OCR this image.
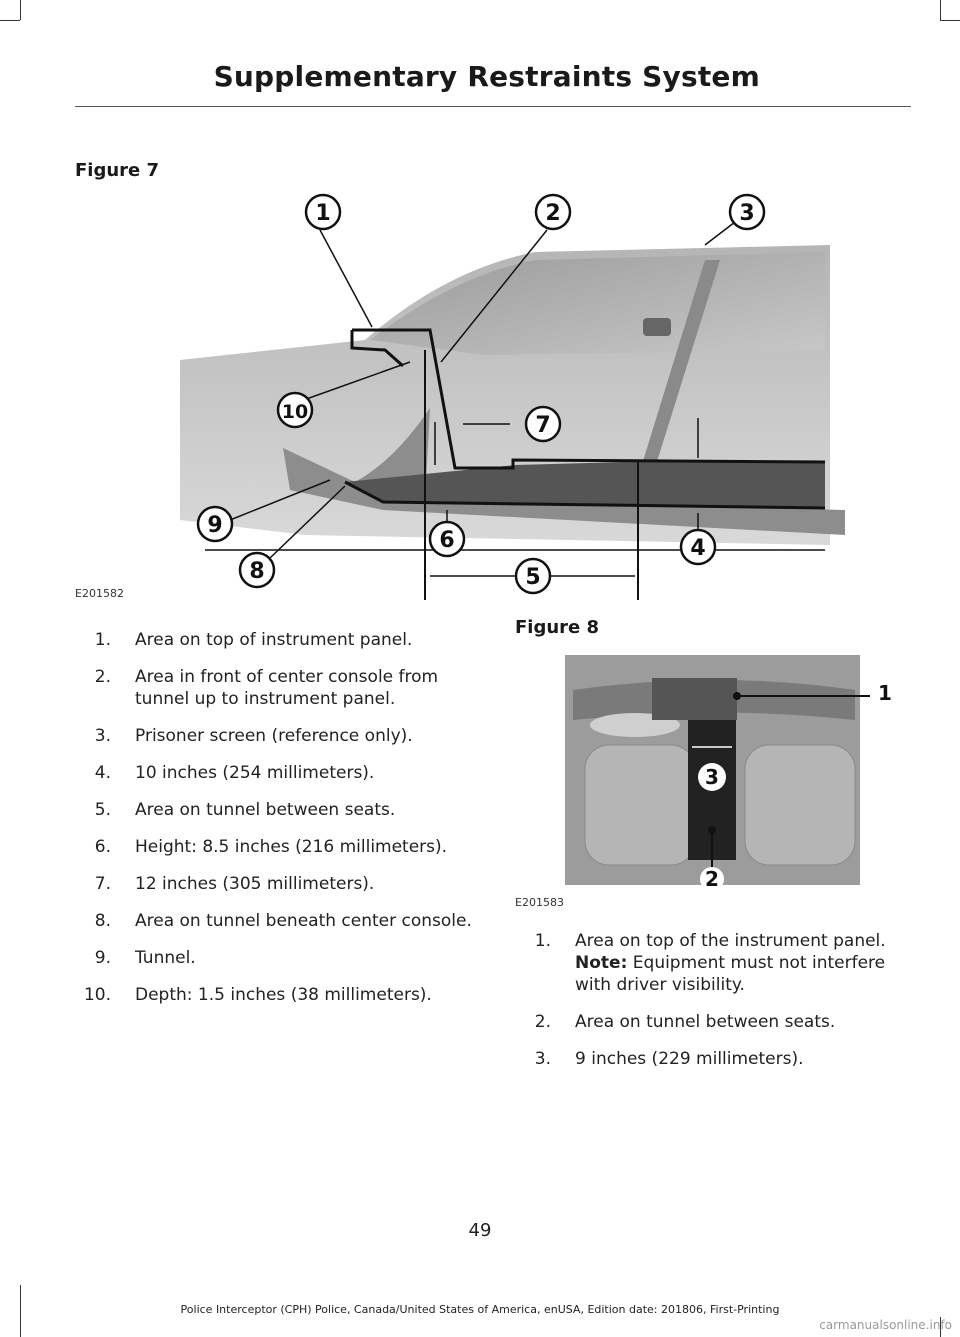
Supplementary Restraints System
Figure 7
1	2	3
4
5
6
7
8
9
10
E201582
1. Area on top of instrument panel.
2. Area in front of center console from tunnel up to instrument panel.
3. Prisoner screen (reference only).
4. 10 inches (254 millimeters).
5. Area on tunnel between seats.
6. Height: 8.5 inches (216 millimeters).
7. 12 inches (305 millimeters).
8. Area on tunnel beneath center console.
9. Tunnel.
10. Depth: 1.5 inches (38 millimeters).
Figure 8
1
3
2
E201583
1. Area on top of the instrument panel. Note: Equipment must not interfere with driver visibility.
2. Area on tunnel between seats.
3. 9 inches (229 millimeters).
49
Police Interceptor (CPH) Police, Canada/United States of America, enUSA, Edition date: 201806, First-Printing
carmanualsonline.info
